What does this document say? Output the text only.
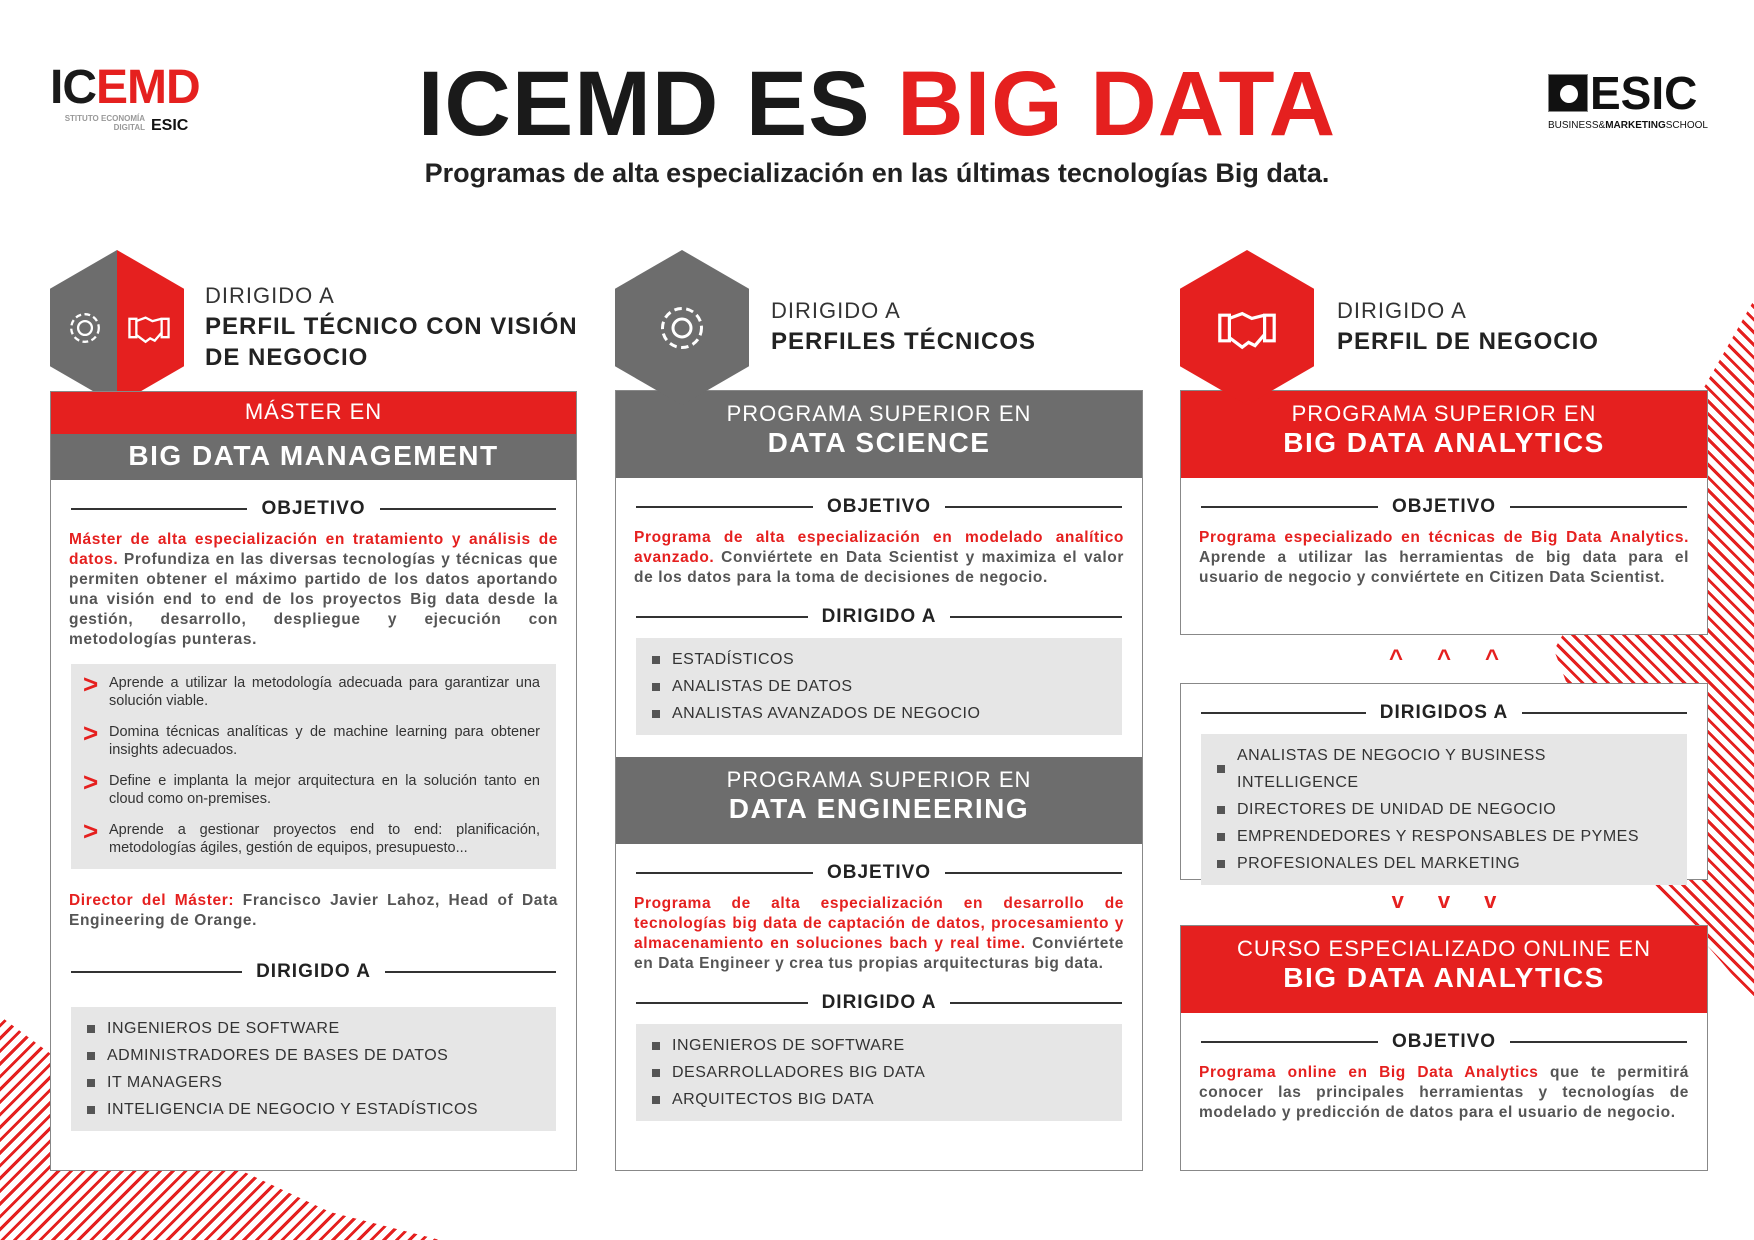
ICEMD
STITUTO ECONOMÍA DIGITAL ESIC
ESIC
BUSINESS&MARKETINGSCHOOL
ICEMD ES BIG DATA
Programas de alta especialización en las últimas tecnologías Big data.
DIRIGIDO A
PERFIL TÉCNICO CON VISIÓN DE NEGOCIO
MÁSTER EN
BIG DATA MANAGEMENT
OBJETIVO
Máster de alta especialización en tratamiento y análisis de datos. Profundiza en las diversas tecnologías y técnicas que permiten obtener el máximo partido de los datos aportando una visión end to end de los proyectos Big data desde la gestión, desarrollo, despliegue y ejecución con metodologías punteras.
> Aprende a utilizar la metodología adecuada para garantizar una solución viable.
> Domina técnicas analíticas y de machine learning para obtener insights adecuados.
> Define e implanta la mejor arquitectura en la solución tanto en cloud como on-premises.
> Aprende a gestionar proyectos end to end: planificación, metodologías ágiles, gestión de equipos, presupuesto...
Director del Máster: Francisco Javier Lahoz, Head of Data Engineering de Orange.
DIRIGIDO A
INGENIEROS DE SOFTWARE
ADMINISTRADORES DE BASES DE DATOS
IT MANAGERS
INTELIGENCIA DE NEGOCIO Y ESTADÍSTICOS
DIRIGIDO A
PERFILES TÉCNICOS
PROGRAMA SUPERIOR EN
DATA SCIENCE
OBJETIVO
Programa de alta especialización en modelado analítico avanzado. Conviértete en Data Scientist y maximiza el valor de los datos para la toma de decisiones de negocio.
DIRIGIDO A
ESTADÍSTICOS
ANALISTAS DE DATOS
ANALISTAS AVANZADOS DE NEGOCIO
PROGRAMA SUPERIOR EN
DATA ENGINEERING
OBJETIVO
Programa de alta especialización en desarrollo de tecnologías big data de captación de datos, procesamiento y almacenamiento en soluciones bach y real time. Conviértete en Data Engineer y crea tus propias arquitecturas big data.
DIRIGIDO A
INGENIEROS DE SOFTWARE
DESARROLLADORES BIG DATA
ARQUITECTOS BIG DATA
DIRIGIDO A
PERFIL DE NEGOCIO
PROGRAMA SUPERIOR EN
BIG DATA ANALYTICS
OBJETIVO
Programa especializado en técnicas de Big Data Analytics. Aprende a utilizar las herramientas de big data para el usuario de negocio y conviértete en Citizen Data Scientist.
^ ^ ^
DIRIGIDOS A
ANALISTAS DE NEGOCIO Y BUSINESS INTELLIGENCE
DIRECTORES DE UNIDAD DE NEGOCIO
EMPRENDEDORES Y RESPONSABLES DE PYMES
PROFESIONALES DEL MARKETING
v v v
CURSO ESPECIALIZADO ONLINE EN
BIG DATA ANALYTICS
OBJETIVO
Programa online en Big Data Analytics que te permitirá conocer las principales herramientas y tecnologías de modelado y predicción de datos para el usuario de negocio.
